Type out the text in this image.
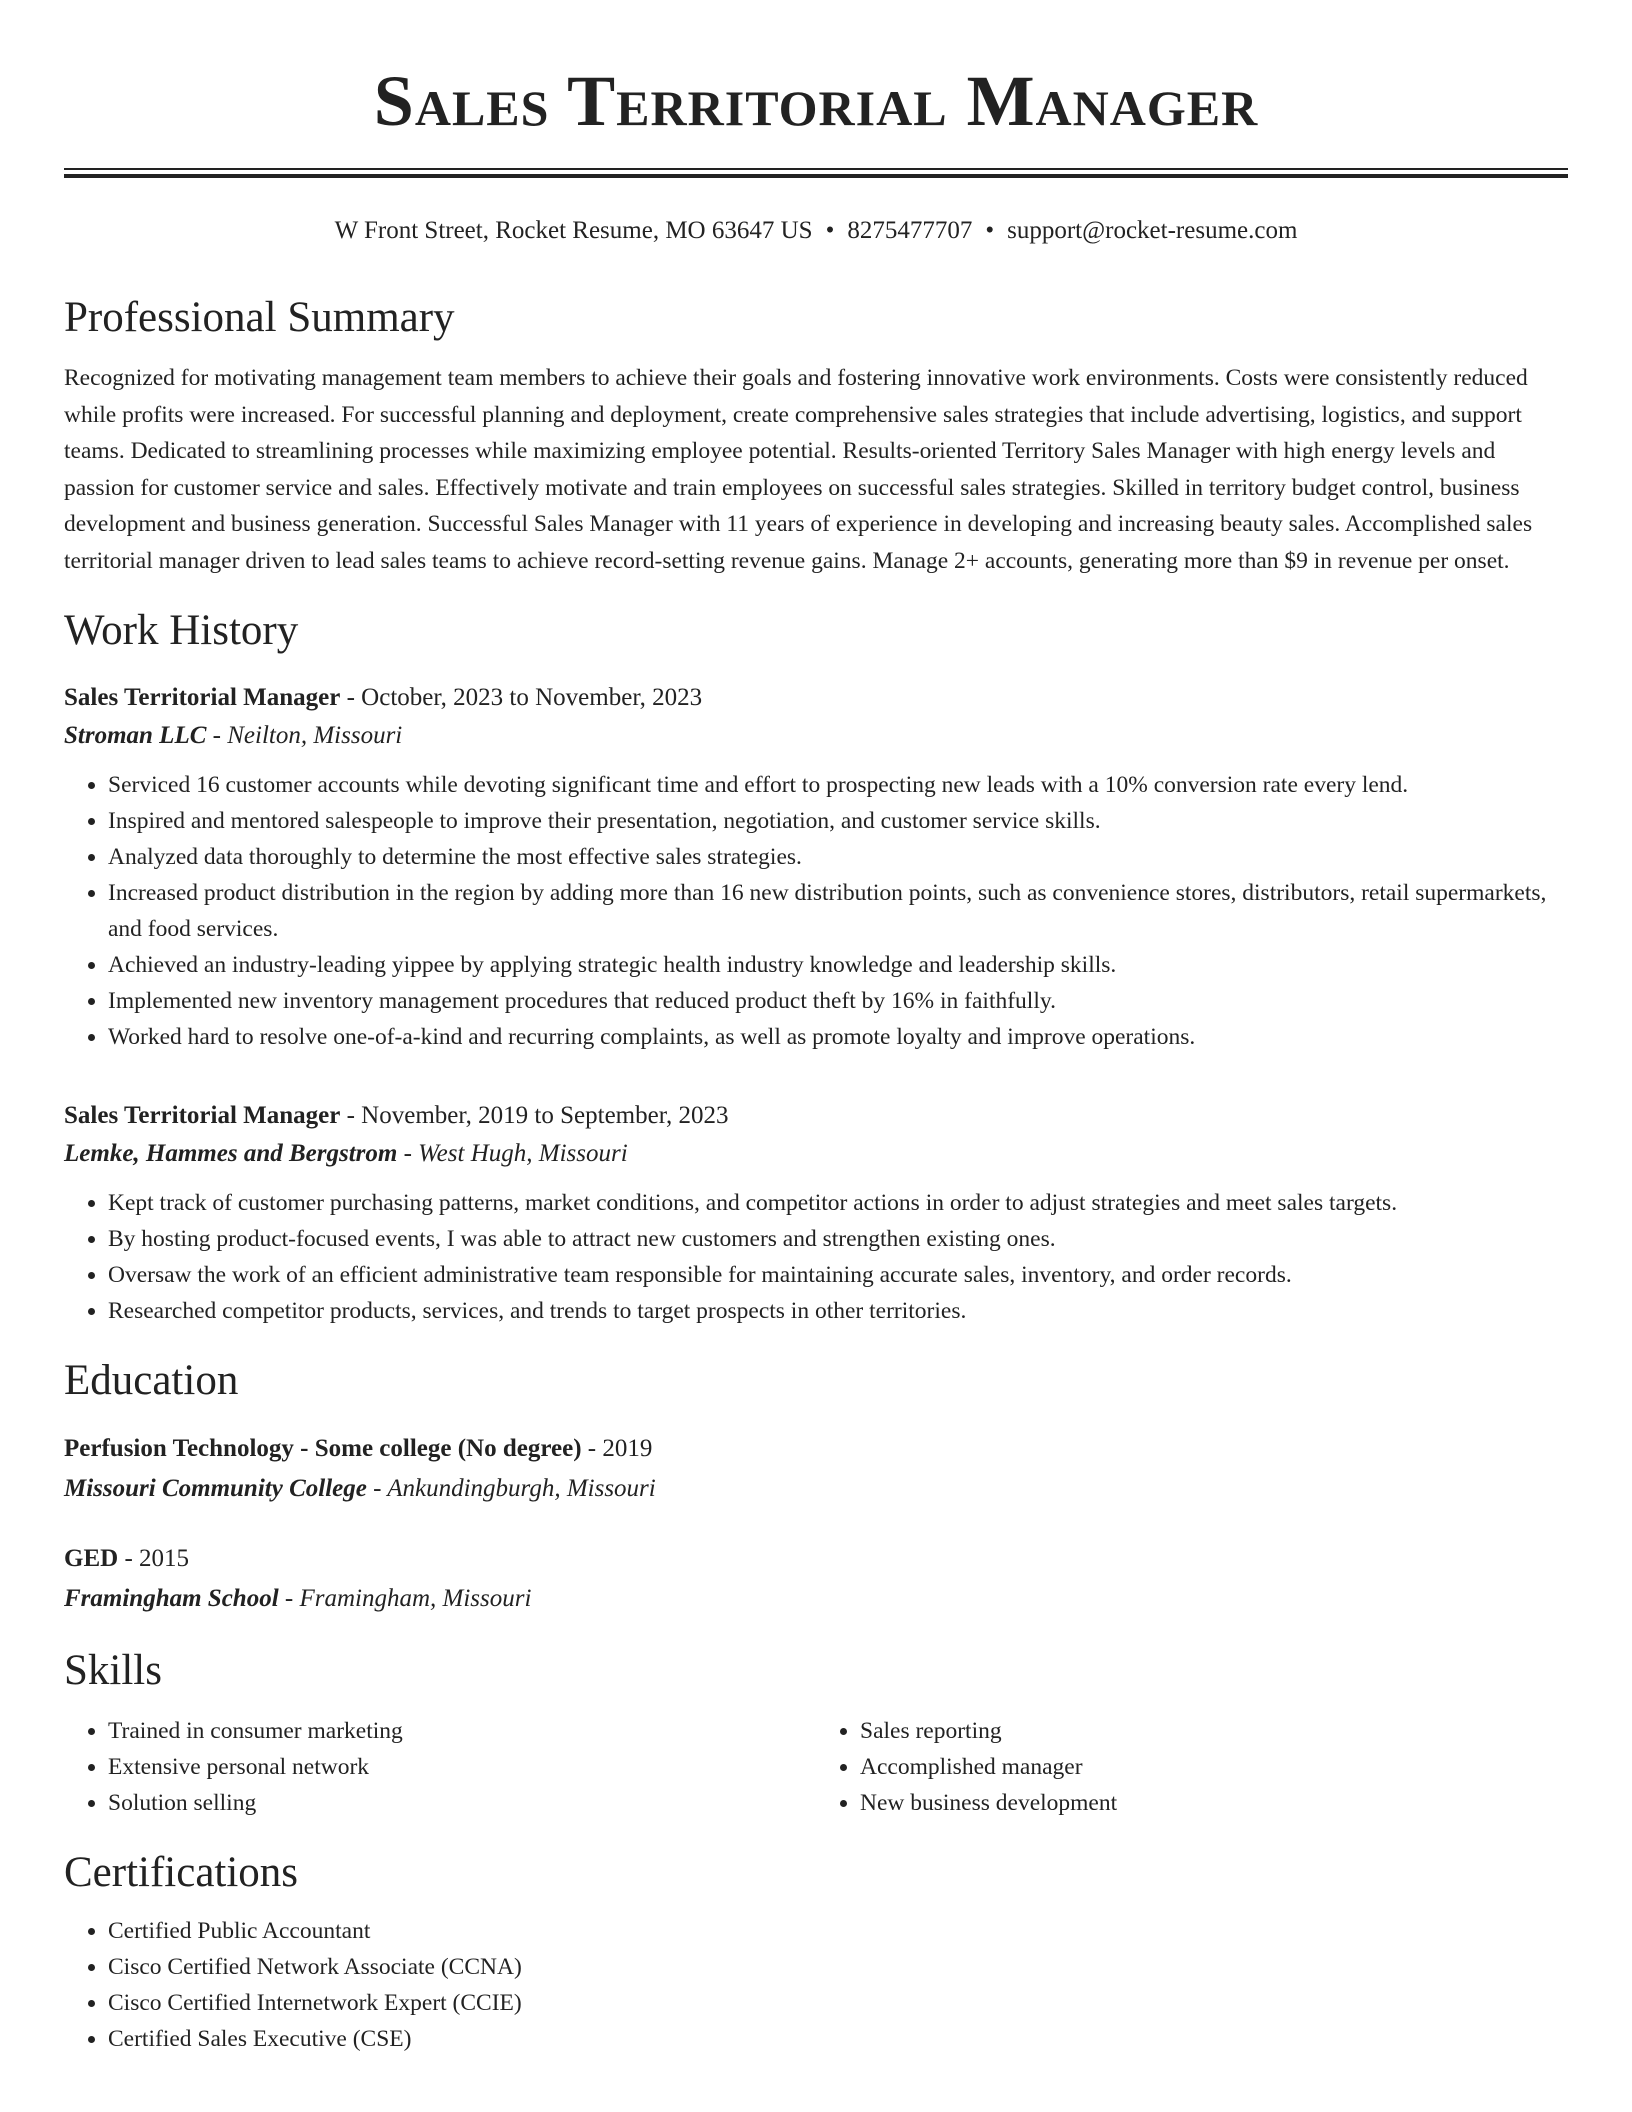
Sales Territorial Manager
W Front Street, Rocket Resume, MO 63647 US • 8275477707 • support@rocket-resume.com
Professional Summary

Recognized for motivating management team members to achieve their goals and fostering innovative work environments. Costs were consistently reduced while profits were increased. For successful planning and deployment, create comprehensive sales strategies that include advertising, logistics, and support teams. Dedicated to streamlining processes while maximizing employee potential. Results-oriented Territory Sales Manager with high energy levels and passion for customer service and sales. Effectively motivate and train employees on successful sales strategies. Skilled in territory budget control, business development and business generation. Successful Sales Manager with 11 years of experience in developing and increasing beauty sales. Accomplished sales territorial manager driven to lead sales teams to achieve record-setting revenue gains. Manage 2+ accounts, generating more than $9 in revenue per onset.

Work History
Sales Territorial Manager - October, 2023 to November, 2023
Stroman LLC - Neilton, Missouri
• Serviced 16 customer accounts while devoting significant time and effort to prospecting new leads with a 10% conversion rate every lend.
• Inspired and mentored salespeople to improve their presentation, negotiation, and customer service skills.
• Analyzed data thoroughly to determine the most effective sales strategies.
• Increased product distribution in the region by adding more than 16 new distribution points, such as convenience stores, distributors, retail supermarkets, and food services.
• Achieved an industry-leading yippee by applying strategic health industry knowledge and leadership skills.
• Implemented new inventory management procedures that reduced product theft by 16% in faithfully.
• Worked hard to resolve one-of-a-kind and recurring complaints, as well as promote loyalty and improve operations.
Sales Territorial Manager - November, 2019 to September, 2023
Lemke, Hammes and Bergstrom - West Hugh, Missouri
• Kept track of customer purchasing patterns, market conditions, and competitor actions in order to adjust strategies and meet sales targets.
• By hosting product-focused events, I was able to attract new customers and strengthen existing ones.
• Oversaw the work of an efficient administrative team responsible for maintaining accurate sales, inventory, and order records.
• Researched competitor products, services, and trends to target prospects in other territories.
Education
Perfusion Technology - Some college (No degree) - 2019
Missouri Community College - Ankundingburgh, Missouri
GED - 2015
Framingham School - Framingham, Missouri
Skills
• Trained in consumer marketing
• Extensive personal network
• Solution selling
• Sales reporting
• Accomplished manager
• New business development
Certifications
• Certified Public Accountant
• Cisco Certified Network Associate (CCNA)
• Cisco Certified Internetwork Expert (CCIE)
• Certified Sales Executive (CSE)
